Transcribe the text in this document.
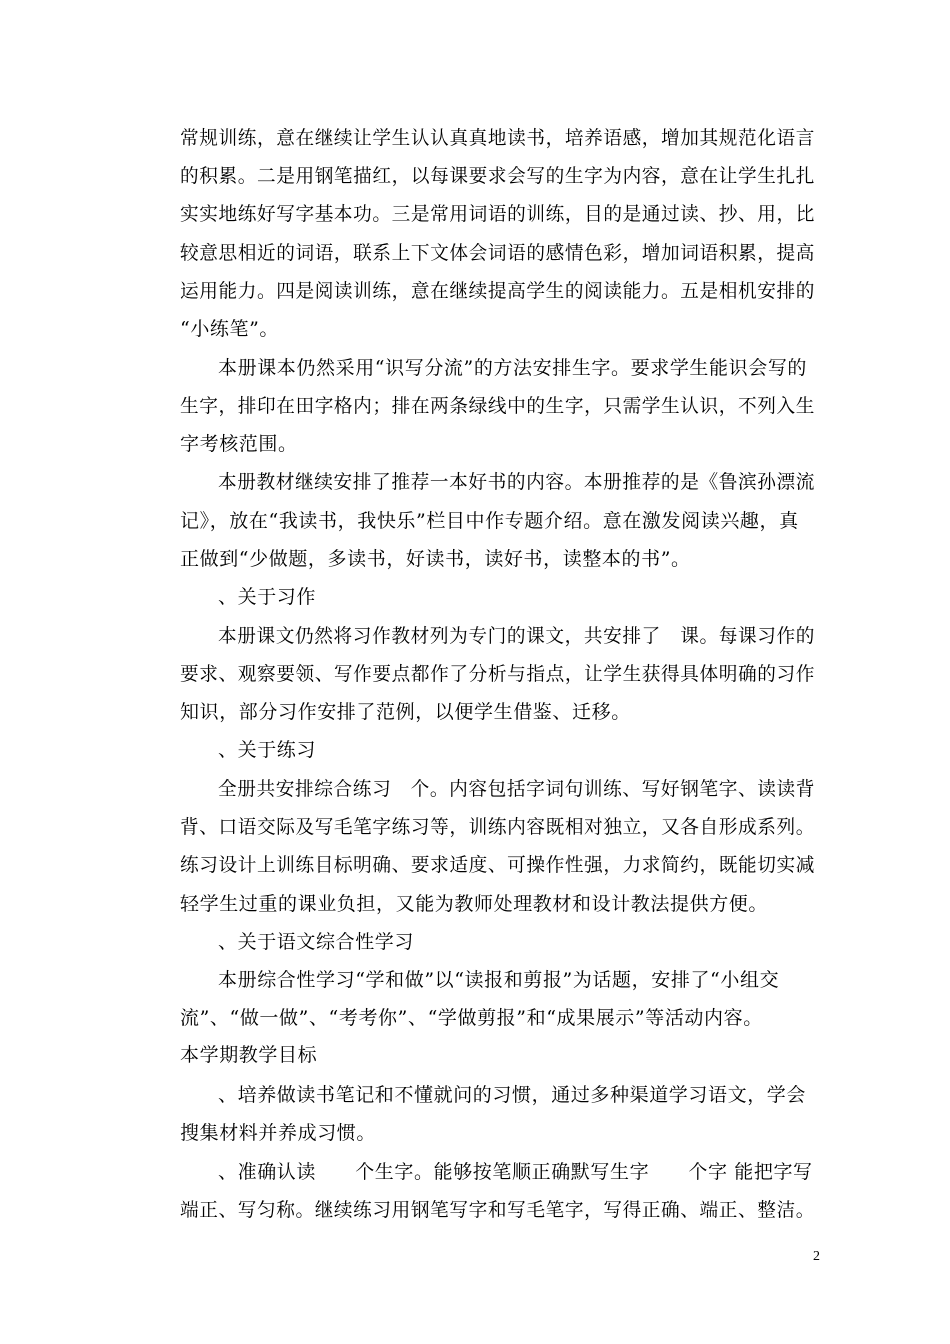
常规训练，意在继续让学生认认真真地读书，培养语感，增加其规范化语言
的积累。二是用钢笔描红，以每课要求会写的生字为内容，意在让学生扎扎
实实地练好写字基本功。三是常用词语的训练，目的是通过读、抄、用，比
较意思相近的词语，联系上下文体会词语的感情色彩，增加词语积累，提高
运用能力。四是阅读训练，意在继续提高学生的阅读能力。五是相机安排的
“小练笔”。
本册课本仍然采用“识写分流”的方法安排生字。要求学生能识会写的
生字，排印在田字格内；排在两条绿线中的生字，只需学生认识，不列入生
字考核范围。
本册教材继续安排了推荐一本好书的内容。本册推荐的是《鲁滨孙漂流
记》，放在“我读书，我快乐”栏目中作专题介绍。意在激发阅读兴趣，真
正做到“少做题，多读书，好读书，读好书，读整本的书”。
、关于习作
本册课文仍然将习作教材列为专门的课文，共安排了　课。每课习作的
要求、观察要领、写作要点都作了分析与指点，让学生获得具体明确的习作
知识，部分习作安排了范例，以便学生借鉴、迁移。
、关于练习
全册共安排综合练习　个。内容包括字词句训练、写好钢笔字、读读背
背、口语交际及写毛笔字练习等，训练内容既相对独立，又各自形成系列。
练习设计上训练目标明确、要求适度、可操作性强，力求简约，既能切实减
轻学生过重的课业负担，又能为教师处理教材和设计教法提供方便。
、关于语文综合性学习
本册综合性学习“学和做”以“读报和剪报”为话题，安排了“小组交
流”、“做一做”、“考考你”、“学做剪报”和“成果展示”等活动内容。
本学期教学目标
、培养做读书笔记和不懂就问的习惯，通过多种渠道学习语文，学会
搜集材料并养成习惯。
、准确认读　　个生字。能够按笔顺正确默写生字　　个字 能把字写
端正、写匀称。继续练习用钢笔写字和写毛笔字，写得正确、端正、整洁。
2
